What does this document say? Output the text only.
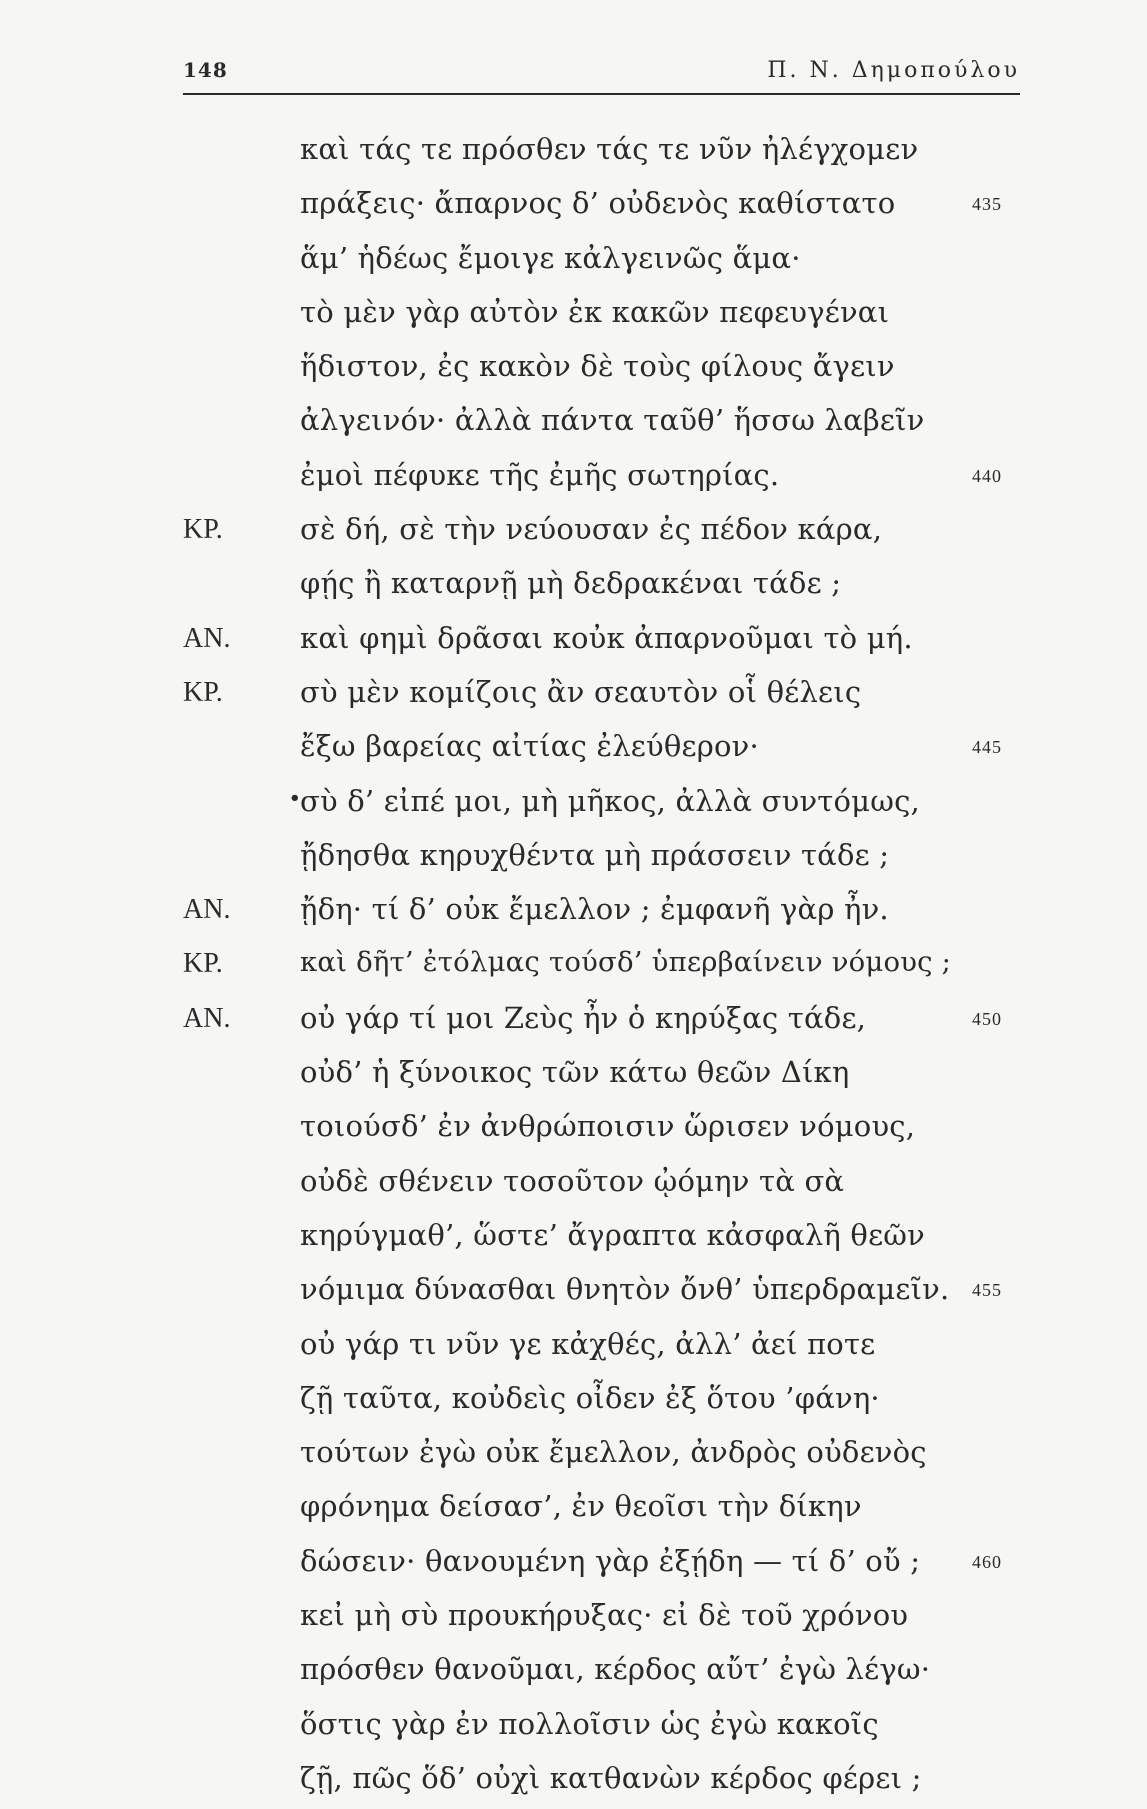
148	Π. Ν. Δημοπούλου
καὶ τάς τε πρόσθεν τάς τε νῦν ἠλέγχομεν
πράξεις· ἄπαρνος δ’ οὐδενὸς καθίστατο	435
ἅμ’ ἡδέως ἔμοιγε κἀλγεινῶς ἅμα·
τὸ μὲν γὰρ αὐτὸν ἐκ κακῶν πεφευγέναι
ἥδιστον, ἐς κακὸν δὲ τοὺς φίλους ἄγειν
ἀλγεινόν· ἀλλὰ πάντα ταῦθ’ ἥσσω λαβεῖν
ἐμοὶ πέφυκε τῆς ἐμῆς σωτηρίας.	440
ΚΡ.	σὲ δή, σὲ τὴν νεύουσαν ἐς πέδον κάρα,
φῄς ἢ καταρνῇ μὴ δεδρακέναι τάδε ;
ΑΝ. καὶ φημὶ δρᾶσαι κοὐκ ἀπαρνοῦμαι τὸ μή.
ΚΡ.	σὺ μὲν κομίζοις ἂν σεαυτὸν οἷ θέλεις
ἔξω βαρείας αἰτίας ἐλεύθερον·	445
• σὺ δ’ εἰπέ μοι, μὴ μῆκος, ἀλλὰ συντόμως,
ᾔδησθα κηρυχθέντα μὴ πράσσειν τάδε ;
ΑΝ. ᾔδη· τί δ’ οὐκ ἔμελλον ; ἐμφανῆ γὰρ ἦν.
ΚΡ.	καὶ δῆτ’ ἐτόλμας τούσδ’ ὑπερβαίνειν νόμους ;
ΑΝ. οὐ γάρ τί μοι Ζεὺς ἦν ὁ κηρύξας τάδε,	450
οὐδ’ ἡ ξύνοικος τῶν κάτω θεῶν Δίκη
τοιούσδ’ ἐν ἀνθρώποισιν ὥρισεν νόμους,
οὐδὲ σθένειν τοσοῦτον ᾠόμην τὰ σὰ
κηρύγμαθ’, ὥστε’ ἄγραπτα κἀσφαλῆ θεῶν
νόμιμα δύνασθαι θνητὸν ὄνθ’ ὑπερδραμεῖν. 455
οὐ γάρ τι νῦν γε κἀχθές, ἀλλ’ ἀεί ποτε
ζῇ ταῦτα, κοὐδεὶς οἶδεν ἐξ ὅτου ’φάνη·
τούτων ἐγὼ οὐκ ἔμελλον, ἀνδρὸς οὐδενὸς
φρόνημα δείσασ’, ἐν θεοῖσι τὴν δίκην
δώσειν· θανουμένη γὰρ ἐξῄδη — τί δ’ οὔ ;	460
κεἰ μὴ σὺ προυκήρυξας· εἰ δὲ τοῦ χρόνου
πρόσθεν θανοῦμαι, κέρδος αὔτ’ ἐγὼ λέγω·
ὅστις γὰρ ἐν πολλοῖσιν ὡς ἐγὼ κακοῖς
ζῇ, πῶς ὅδ’ οὐχὶ κατθανὼν κέρδος φέρει ;
